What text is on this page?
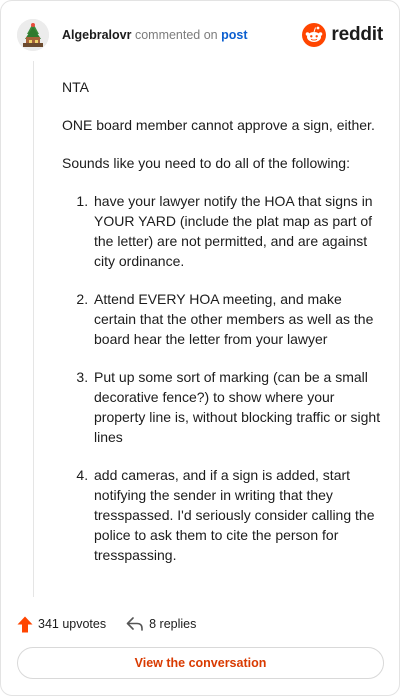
Algebralovr commented on post	reddit

NTA

ONE board member cannot approve a sign, either.

Sounds like you need to do all of the following:

1. have your lawyer notify the HOA that signs in YOUR YARD (include the plat map as part of the letter) are not permitted, and are against city ordinance.
2. Attend EVERY HOA meeting, and make certain that the other members as well as the board hear the letter from your lawyer
3. Put up some sort of marking (can be a small decorative fence?) to show where your property line is, without blocking traffic or sight lines
4. add cameras, and if a sign is added, start notifying the sender in writing that they tresspassed. I'd seriously consider calling the police to ask them to cite the person for tresspassing.
341 upvotes	8 replies
View the conversation
